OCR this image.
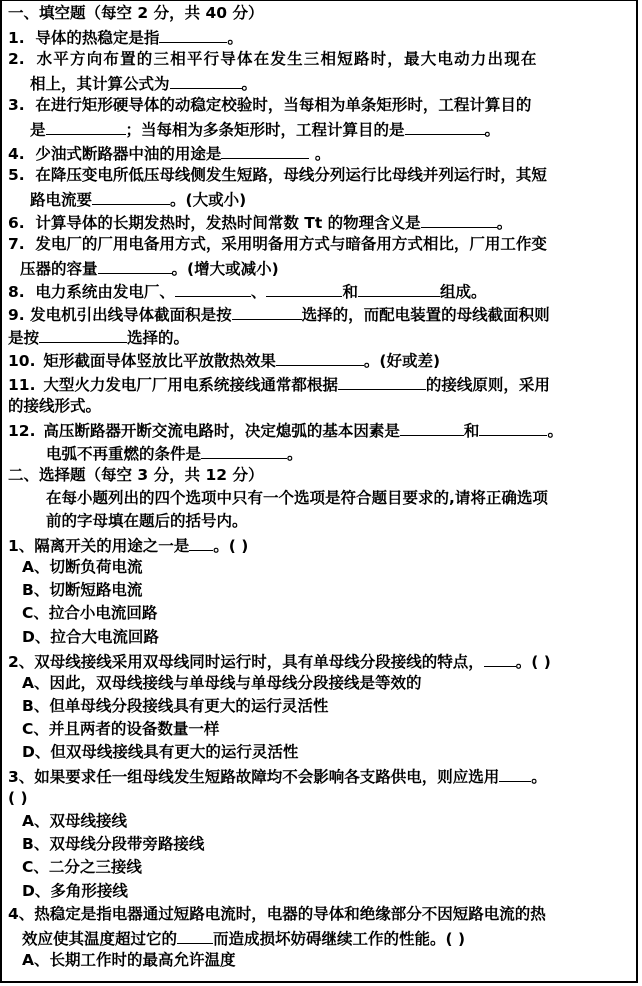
一、填空题（每空 2 分，共 40 分）
1. 导体的热稳定是指	。
2. 水平方向布置的三相平行导体在发生三相短路时，最大电动力出现在
相上，其计算公式为	。
3. 在进行矩形硬导体的动稳定校验时，当每相为单条矩形时，工程计算目的
是	；当每相为多条矩形时，工程计算目的是	。
4. 少油式断路器中油的用途是	。
5. 在降压变电所低压母线侧发生短路，母线分列运行比母线并列运行时，其短
路电流要	。(大或小)
6. 计算导体的长期发热时，发热时间常数 Tt 的物理含义是	。
7. 发电厂的厂用电备用方式，采用明备用方式与暗备用方式相比，厂用工作变
压器的容量	。(增大或减小)
8. 电力系统由发电厂、	、	和	组成。
9. 发电机引出线导体截面积是按	选择的，而配电装置的母线截面积则
是按	选择的。
10. 矩形截面导体竖放比平放散热效果	。(好或差)
11. 大型火力发电厂厂用电系统接线通常都根据	的接线原则，采用
的接线形式。
12. 高压断路器开断交流电路时，决定熄弧的基本因素是	和	。
电弧不再重燃的条件是	。
二、选择题（每空 3 分，共 12 分）
在每小题列出的四个选项中只有一个选项是符合题目要求的,请将正确选项
前的字母填在题后的括号内。
1、隔离开关的用途之一是 。( )
A、切断负荷电流
B、切断短路电流
C、拉合小电流回路
D、拉合大电流回路
2、双母线接线采用双母线同时运行时，具有单母线分段接线的特点， 。( )
A、因此，双母线接线与单母线与单母线分段接线是等效的
B、但单母线分段接线具有更大的运行灵活性
C、并且两者的设备数量一样
D、但双母线接线具有更大的运行灵活性
3、如果要求任一组母线发生短路故障均不会影响各支路供电，则应选用 。
( )
A、双母线接线
B、双母线分段带旁路接线
C、二分之三接线
D、多角形接线
4、热稳定是指电器通过短路电流时，电器的导体和绝缘部分不因短路电流的热
效应使其温度超过它的 而造成损坏妨碍继续工作的性能。( )
A、长期工作时的最高允许温度
